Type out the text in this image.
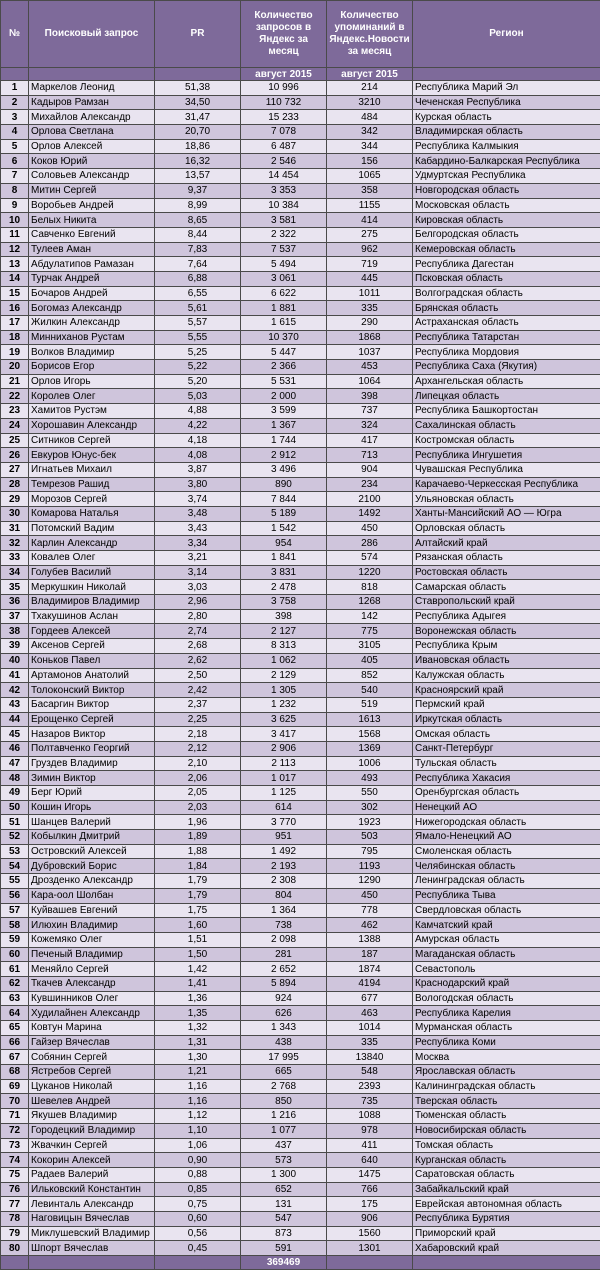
№	Поисковый запрос	PR	Количество запросов в Яндекс за месяц	Количество упоминаний в Яндекс.Новости за месяц	Регион
			август 2015	август 2015	
1	Маркелов Леонид	51,38	10 996	214	Республика Марий Эл
2	Кадыров Рамзан	34,50	110 732	3210	Чеченская Республика
3	Михайлов Александр	31,47	15 233	484	Курская область
4	Орлова Светлана	20,70	7 078	342	Владимирская область
5	Орлов Алексей	18,86	6 487	344	Республика Калмыкия
6	Коков Юрий	16,32	2 546	156	Кабардино-Балкарская Республика
7	Соловьев Александр	13,57	14 454	1065	Удмуртская Республика
8	Митин Сергей	9,37	3 353	358	Новгородская область
9	Воробьев Андрей	8,99	10 384	1155	Московская область
10	Белых Никита	8,65	3 581	414	Кировская область
11	Савченко Евгений	8,44	2 322	275	Белгородская область
12	Тулеев Аман	7,83	7 537	962	Кемеровская область
13	Абдулатипов Рамазан	7,64	5 494	719	Республика Дагестан
14	Турчак Андрей	6,88	3 061	445	Псковская область
15	Бочаров Андрей	6,55	6 622	1011	Волгоградская область
16	Богомаз Александр	5,61	1 881	335	Брянская область
17	Жилкин Александр	5,57	1 615	290	Астраханская область
18	Минниханов Рустам	5,55	10 370	1868	Республика Татарстан
19	Волков Владимир	5,25	5 447	1037	Республика Мордовия
20	Борисов Егор	5,22	2 366	453	Республика Саха (Якутия)
21	Орлов Игорь	5,20	5 531	1064	Архангельская область
22	Королев Олег	5,03	2 000	398	Липецкая область
23	Хамитов Рустэм	4,88	3 599	737	Республика Башкортостан
24	Хорошавин Александр	4,22	1 367	324	Сахалинская область
25	Ситников Сергей	4,18	1 744	417	Костромская область
26	Евкуров Юнус-бек	4,08	2 912	713	Республика Ингушетия
27	Игнатьев Михаил	3,87	3 496	904	Чувашская Республика
28	Темрезов Рашид	3,80	890	234	Карачаево-Черкесская Республика
29	Морозов Сергей	3,74	7 844	2100	Ульяновская область
30	Комарова Наталья	3,48	5 189	1492	Ханты-Мансийский АО — Югра
31	Потомский Вадим	3,43	1 542	450	Орловская область
32	Карлин Александр	3,34	954	286	Алтайский край
33	Ковалев Олег	3,21	1 841	574	Рязанская область
34	Голубев Василий	3,14	3 831	1220	Ростовская область
35	Меркушкин Николай	3,03	2 478	818	Самарская область
36	Владимиров Владимир	2,96	3 758	1268	Ставропольский край
37	Тхакушинов Аслан	2,80	398	142	Республика Адыгея
38	Гордеев Алексей	2,74	2 127	775	Воронежская область
39	Аксенов Сергей	2,68	8 313	3105	Республика Крым
40	Коньков Павел	2,62	1 062	405	Ивановская область
41	Артамонов Анатолий	2,50	2 129	852	Калужская область
42	Толоконский Виктор	2,42	1 305	540	Красноярский край
43	Басаргин Виктор	2,37	1 232	519	Пермский край
44	Ерощенко Сергей	2,25	3 625	1613	Иркутская область
45	Назаров Виктор	2,18	3 417	1568	Омская область
46	Полтавченко Георгий	2,12	2 906	1369	Санкт-Петербург
47	Груздев Владимир	2,10	2 113	1006	Тульская область
48	Зимин Виктор	2,06	1 017	493	Республика Хакасия
49	Берг Юрий	2,05	1 125	550	Оренбургская область
50	Кошин Игорь	2,03	614	302	Ненецкий АО
51	Шанцев Валерий	1,96	3 770	1923	Нижегородская область
52	Кобылкин Дмитрий	1,89	951	503	Ямало-Ненецкий АО
53	Островский Алексей	1,88	1 492	795	Смоленская область
54	Дубровский Борис	1,84	2 193	1193	Челябинская область
55	Дрозденко Александр	1,79	2 308	1290	Ленинградская область
56	Кара-оол Шолбан	1,79	804	450	Республика Тыва
57	Куйвашев Евгений	1,75	1 364	778	Свердловская область
58	Илюхин Владимир	1,60	738	462	Камчатский край
59	Кожемяко Олег	1,51	2 098	1388	Амурская область
60	Печеный Владимир	1,50	281	187	Магаданская область
61	Меняйло Сергей	1,42	2 652	1874	Севастополь
62	Ткачев Александр	1,41	5 894	4194	Краснодарский край
63	Кувшинников Олег	1,36	924	677	Вологодская область
64	Худилайнен Александр	1,35	626	463	Республика Карелия
65	Ковтун Марина	1,32	1 343	1014	Мурманская область
66	Гайзер Вячеслав	1,31	438	335	Республика Коми
67	Собянин Сергей	1,30	17 995	13840	Москва
68	Ястребов Сергей	1,21	665	548	Ярославская область
69	Цуканов Николай	1,16	2 768	2393	Калининградская область
70	Шевелев Андрей	1,16	850	735	Тверская область
71	Якушев Владимир	1,12	1 216	1088	Тюменская область
72	Городецкий Владимир	1,10	1 077	978	Новосибирская область
73	Жвачкин Сергей	1,06	437	411	Томская область
74	Кокорин Алексей	0,90	573	640	Курганская область
75	Радаев Валерий	0,88	1 300	1475	Саратовская область
76	Ильковский Константин	0,85	652	766	Забайкальский край
77	Левинталь Александр	0,75	131	175	Еврейская автономная область
78	Наговицын Вячеслав	0,60	547	906	Республика Бурятия
79	Миклушевский Владимир	0,56	873	1560	Приморский край
80	Шпорт Вячеслав	0,45	591	1301	Хабаровский край
			369469		
